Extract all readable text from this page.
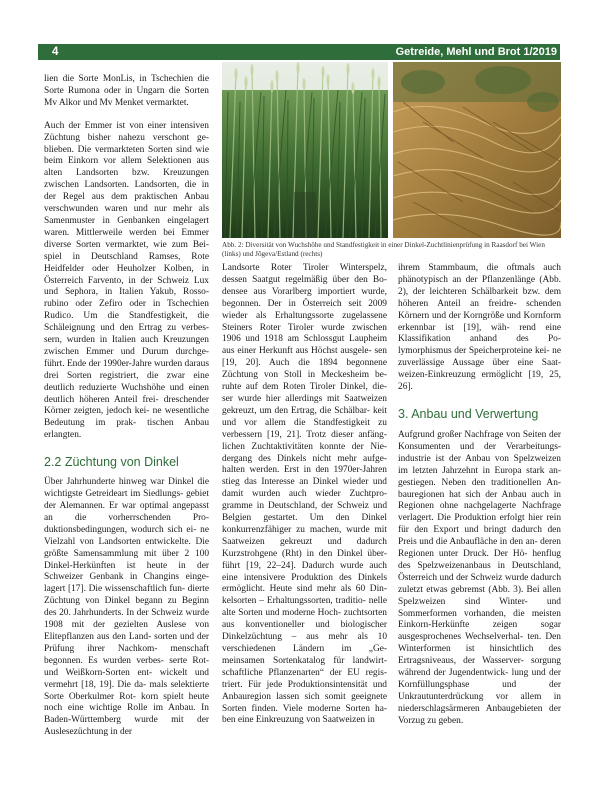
4	Getreide, Mehl und Brot 1/2019
Abb. 2: Diversität von Wuchshöhe und Standfestigkeit in einer Dinkel-Zuchtlinienprüfung in Raasdorf bei Wien (links) und Jõgeva/Estland (rechts)

lien die Sorte MonLis, in Tschechien die Sorte Rumona oder in Ungarn die Sorten Mv Alkor und Mv Menket vermarktet.

Auch der Emmer ist von einer intensiven Züchtung bisher nahezu verschont ge- blieben. Die vermarkteten Sorten sind wie beim Einkorn vor allem Selektionen aus alten Landsorten bzw. Kreuzungen zwischen Landsorten. Landsorten, die in der Regel aus dem praktischen Anbau verschwunden waren und nur mehr als Samenmuster in Genbanken eingelagert waren. Mittlerweile werden bei Emmer diverse Sorten vermarktet, wie zum Bei- spiel in Deutschland Ramses, Rote Heidfelder oder Heuholzer Kolben, in Österreich Farvento, in der Schweiz Lux und Sephora, in Italien Yakub, Rosso- rubino oder Zefiro oder in Tschechien Rudico. Um die Standfestigkeit, die Schäleignung und den Ertrag zu verbes- sern, wurden in Italien auch Kreuzungen zwischen Emmer und Durum durchge- führt. Ende der 1990er-Jahre wurden daraus drei Sorten registriert, die zwar eine deutlich reduzierte Wuchshöhe und einen deutlich höheren Anteil frei- dreschender Körner zeigten, jedoch kei- ne wesentliche Bedeutung im prak- tischen Anbau erlangten.

2.2 Züchtung von Dinkel

Über Jahrhunderte hinweg war Dinkel die wichtigste Getreideart im Siedlungs- gebiet der Alemannen. Er war optimal angepasst an die vorherrschenden Pro- duktionsbedingungen, wodurch sich ei- ne Vielzahl von Landsorten entwickelte. Die größte Samensammlung mit über 2 100 Dinkel-Herkünften ist heute in der Schweizer Genbank in Changins einge- lagert [17]. Die wissenschaftlich fun- dierte Züchtung von Dinkel begann zu Beginn des 20. Jahrhunderts. In der Schweiz wurde 1908 mit der gezielten Auslese von Elitepflanzen aus den Land- sorten und der Prüfung ihrer Nachkom- menschaft begonnen. Es wurden verbes- serte Rot- und Weißkorn-Sorten ent- wickelt und vermehrt [18, 19]. Die da- mals selektierte Sorte Oberkulmer Rot- korn spielt heute noch eine wichtige Rolle im Anbau. In Baden-Württemberg wurde mit der Auslesezüchtung in der

Landsorte Roter Tiroler Winterspelz, dessen Saatgut regelmäßig über den Bo- densee aus Vorarlberg importiert wurde, begonnen. Der in Österreich seit 2009 wieder als Erhaltungssorte zugelassene Steiners Roter Tiroler wurde zwischen 1906 und 1918 am Schlossgut Laupheim aus einer Herkunft aus Höchst ausgele- sen [19, 20]. Auch die 1894 begonnene Züchtung von Stoll in Meckesheim be- ruhte auf dem Roten Tiroler Dinkel, die- ser wurde hier allerdings mit Saatweizen gekreuzt, um den Ertrag, die Schälbar- keit und vor allem die Standfestigkeit zu verbessern [19, 21]. Trotz dieser anfäng- lichen Zuchtaktivitäten konnte der Nie- dergang des Dinkels nicht mehr aufge- halten werden. Erst in den 1970er-Jahren stieg das Interesse an Dinkel wieder und damit wurden auch wieder Zuchtpro- gramme in Deutschland, der Schweiz und Belgien gestartet. Um den Dinkel konkurrenzfähiger zu machen, wurde mit Saatweizen gekreuzt und dadurch Kurzstrohgene (Rht) in den Dinkel über- führt [19, 22–24]. Dadurch wurde auch eine intensivere Produktion des Dinkels ermöglicht. Heute sind mehr als 60 Din- kelsorten – Erhaltungssorten, traditio- nelle alte Sorten und moderne Hoch- zuchtsorten aus konventioneller und biologischer Dinkelzüchtung – aus mehr als 10 verschiedenen Ländern im „Ge- meinsamen Sortenkatalog für landwirt- schaftliche Pflanzenarten“ der EU regis- triert. Für jede Produktionsintensität und Anbauregion lassen sich somit geeignete Sorten finden. Viele moderne Sorten ha- ben eine Einkreuzung von Saatweizen in

ihrem Stammbaum, die oftmals auch phänotypisch an der Pflanzenlänge (Abb. 2), der leichteren Schälbarkeit bzw. dem höheren Anteil an freidre- schenden Körnern und der Korngröße und Kornform erkennbar ist [19], wäh- rend eine Klassifikation anhand des Po- lymorphismus der Speicherproteine kei- ne zuverlässige Aussage über eine Saat- weizen-Einkreuzung ermöglicht [19, 25, 26].

3. Anbau und Verwertung

Aufgrund großer Nachfrage von Seiten der Konsumenten und der Verarbeitungs- industrie ist der Anbau von Spelzweizen im letzten Jahrzehnt in Europa stark an- gestiegen. Neben den traditionellen An- bauregionen hat sich der Anbau auch in Regionen ohne nachgelagerte Nachfrage verlagert. Die Produktion erfolgt hier rein für den Export und bringt dadurch den Preis und die Anbaufläche in den an- deren Regionen unter Druck. Der Hö- henflug des Spelzweizenanbaus in Deutschland, Österreich und der Schweiz wurde dadurch zuletzt etwas gebremst (Abb. 3). Bei allen Spelzweizen sind Winter- und Sommerformen vorhanden, die meisten Einkorn-Herkünfte zeigen sogar ausgesprochenes Wechselverhal- ten. Den Winterformen ist hinsichtlich des Ertragsniveaus, der Wasserver- sorgung während der Jugendentwick- lung und der Kornfüllungsphase und	der Unkrautunterdrückung vor allem in niederschlagsärmeren Anbaugebieten der Vorzug zu geben.
